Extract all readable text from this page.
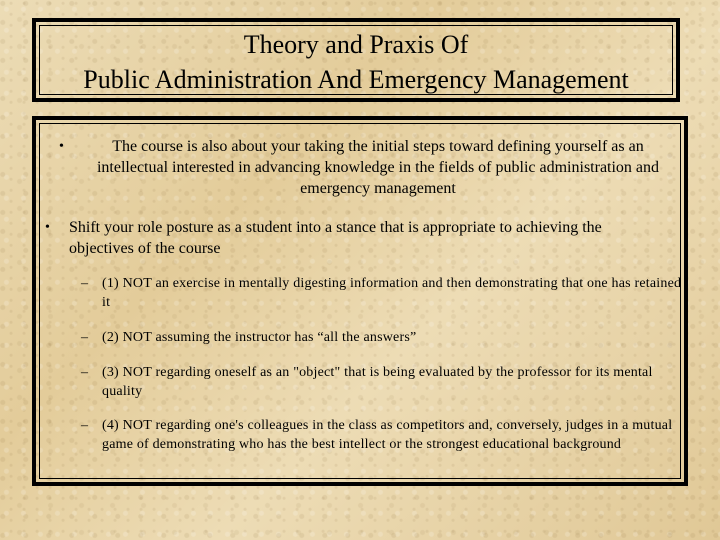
Theory and Praxis Of
Public Administration And Emergency Management
•	The course is also about your taking the initial steps toward defining yourself as an intellectual interested in advancing knowledge in the fields of public administration and emergency management
• Shift your role posture as a student into a stance that is appropriate to achieving the objectives of the course
– (1) NOT an exercise in mentally digesting information and then demonstrating that one has retained it
– (2) NOT assuming the instructor has “all the answers”
– (3) NOT regarding oneself as an "object" that is being evaluated by the professor for its mental quality
– (4) NOT regarding one's colleagues in the class as competitors and, conversely, judges in a mutual game of demonstrating who has the best intellect or the strongest educational background
